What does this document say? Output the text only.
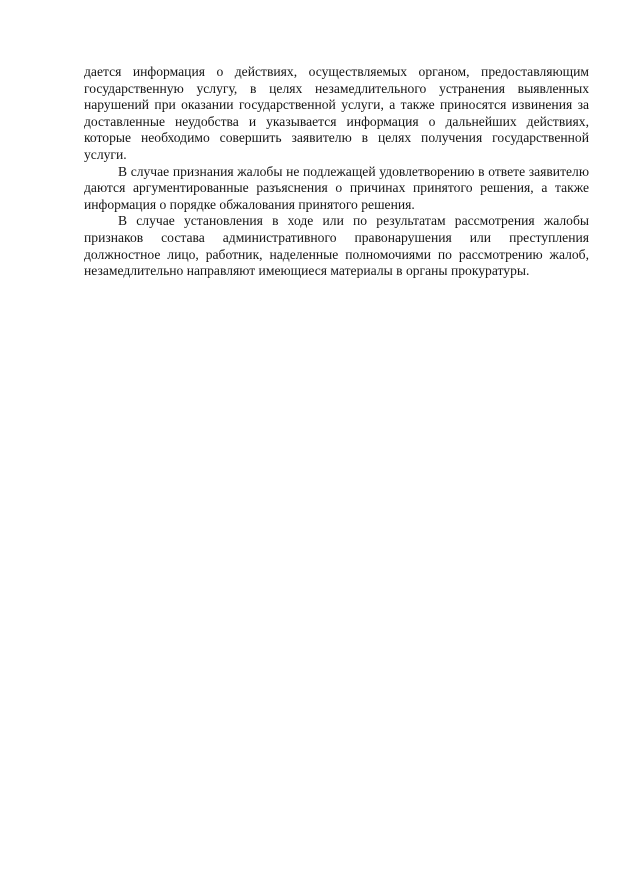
дается информация о действиях, осуществляемых органом, предоставляющим государственную услугу, в целях незамедлительного устранения выявленных нарушений при оказании государственной услуги, а также приносятся извинения за доставленные неудобства и указывается информация о дальнейших действиях, которые необходимо совершить заявителю в целях получения государственной услуги.

В случае признания жалобы не подлежащей удовлетворению в ответе заявителю даются аргументированные разъяснения о причинах принятого решения, а также информация о порядке обжалования принятого решения.

В случае установления в ходе или по результатам рассмотрения жалобы признаков состава административного правонарушения или преступления должностное лицо, работник, наделенные полномочиями по рассмотрению жалоб, незамедлительно направляют имеющиеся материалы в органы прокуратуры.
